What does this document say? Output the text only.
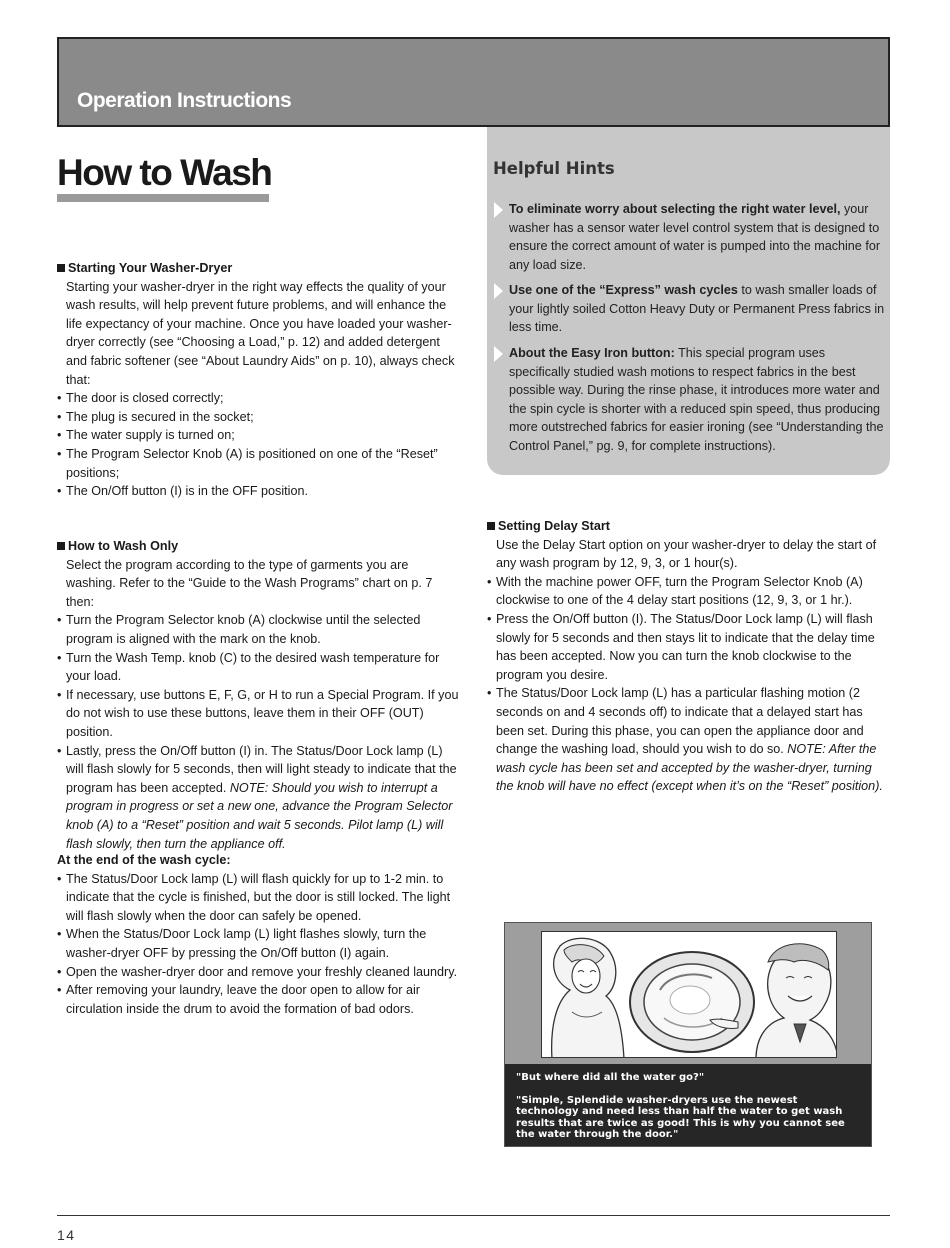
Operation Instructions
Helpful Hints
To eliminate worry about selecting the right water level, your washer has a sensor water level control system that is designed to ensure the correct amount of water is pumped into the machine for any load size.
Use one of the “Express” wash cycles to wash smaller loads of your lightly soiled Cotton Heavy Duty or Permanent Press fabrics in less time.
About the Easy Iron button: This special program uses specifically studied wash motions to respect fabrics in the best possible way. During the rinse phase, it introduces more water and the spin cycle is shorter with a reduced spin speed, thus producing more outstreched fabrics for easier ironing (see “Understanding the Control Panel,” pg. 9, for complete instructions).
How to Wash
Starting Your Washer-Dryer
Starting your washer-dryer in the right way effects the quality of your wash results, will help prevent future problems, and will enhance the life expectancy of your machine. Once you have loaded your washer-dryer correctly (see “Choosing a Load,” p. 12) and added detergent and fabric softener (see “About Laundry Aids” on p. 10), always check that:
• The door is closed correctly;
• The plug is secured in the socket;
• The water supply is turned on;
• The Program Selector Knob (A) is positioned on one of the “Reset” positions;
• The On/Off button (I) is in the OFF position.
How to Wash Only
Select the program according to the type of garments you are washing. Refer to the “Guide to the Wash Programs” chart on p. 7 then:
• Turn the Program Selector knob (A) clockwise until the selected program is aligned with the mark on the knob.
• Turn the Wash Temp. knob (C) to the desired wash temperature for your load.
• If necessary, use buttons E, F, G, or H to run a Special Program. If you do not wish to use these buttons, leave them in their OFF (OUT) position.
• Lastly, press the On/Off button (I) in. The Status/Door Lock lamp (L) will flash slowly for 5 seconds, then will light steady to indicate that the program has been accepted. NOTE: Should you wish to interrupt a program in progress or set a new one, advance the Program Selector knob (A) to a “Reset” position and wait 5 seconds. Pilot lamp (L) will flash slowly, then turn the appliance off.
At the end of the wash cycle:
• The Status/Door Lock lamp (L) will flash quickly for up to 1-2 min. to indicate that the cycle is finished, but the door is still locked. The light will flash slowly when the door can safely be opened.
• When the Status/Door Lock lamp (L) light flashes slowly, turn the washer-dryer OFF by pressing the On/Off button (I) again.
• Open the washer-dryer door and remove your freshly cleaned laundry.
• After removing your laundry, leave the door open to allow for air circulation inside the drum to avoid the formation of bad odors.
Setting Delay Start
Use the Delay Start option on your washer-dryer to delay the start of any wash program by 12, 9, 3, or 1 hour(s).
• With the machine power OFF, turn the Program Selector Knob (A) clockwise to one of the 4 delay start positions (12, 9, 3, or 1 hr.).
• Press the On/Off button (I). The Status/Door Lock lamp (L) will flash slowly for 5 seconds and then stays lit to indicate that the delay time has been accepted. Now you can turn the knob clockwise to the program you desire.
• The Status/Door Lock lamp (L) has a particular flashing motion (2 seconds on and 4 seconds off) to indicate that a delayed start has been set. During this phase, you can open the appliance door and change the washing load, should you wish to do so. NOTE: After the wash cycle has been set and accepted by the washer-dryer, turning the knob will have no effect (except when it’s on the “Reset” position).

"But where did all the water go?"

"Simple, Splendide washer-dryers use the newest technology and need less than half the water to get wash results that are twice as good! This is why you cannot see the water through the door."

14
